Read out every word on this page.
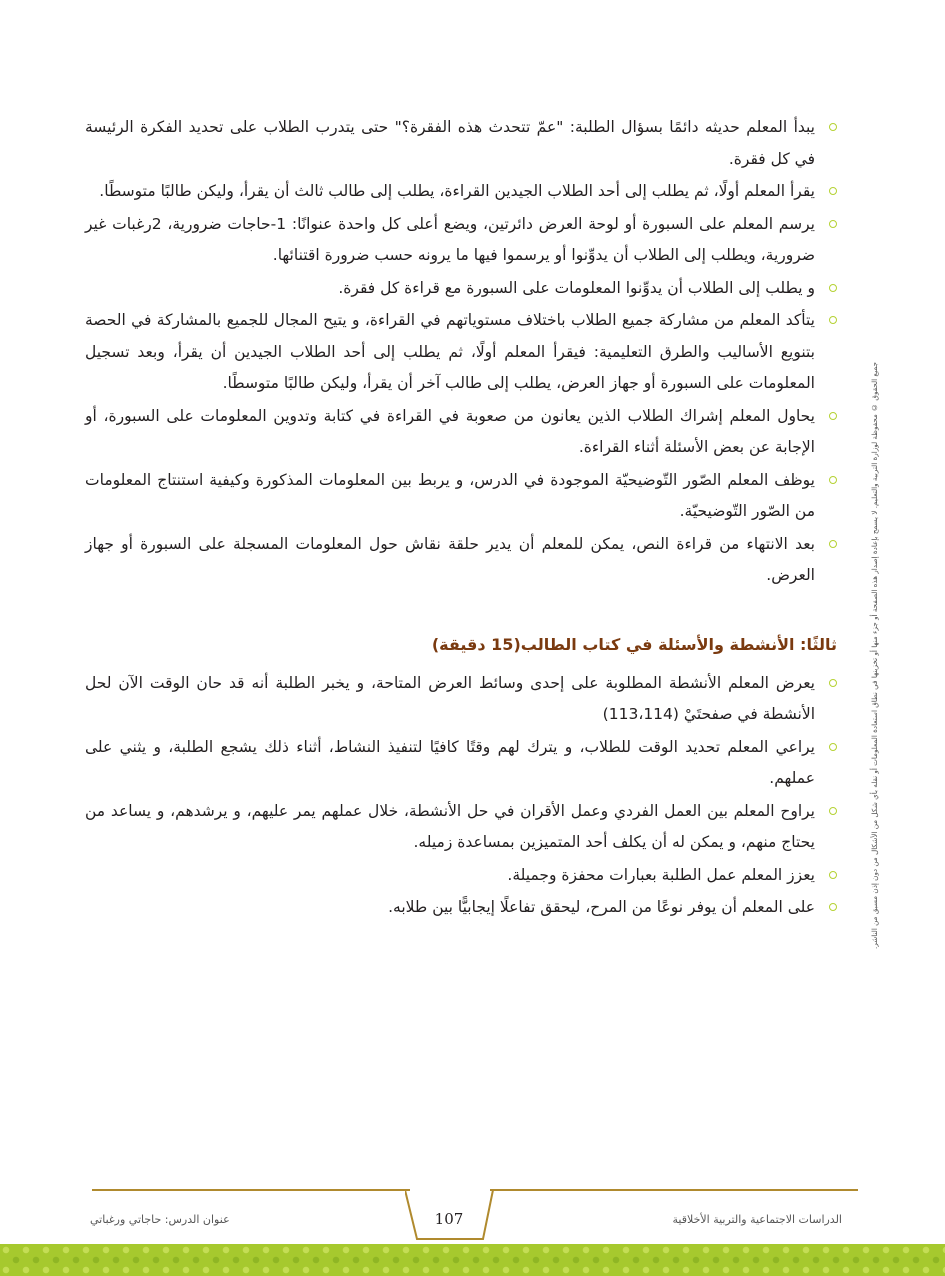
يبدأ المعلم حديثه دائمًا بسؤال الطلبة: "عمّ تتحدث هذه الفقرة؟" حتى يتدرب الطلاب على تحديد الفكرة الرئيسة في كل فقرة.
يقرأ المعلم أولًا، ثم يطلب إلى أحد الطلاب الجيدين القراءة، يطلب إلى طالب ثالث أن يقرأ، وليكن طالبًا متوسطًا.
يرسم المعلم على السبورة أو لوحة العرض دائرتين، ويضع أعلى كل واحدة عنوانًا: 1-حاجات ضرورية، 2رغبات غير ضرورية، ويطلب إلى الطلاب أن يدوِّنوا أو يرسموا فيها ما يرونه حسب ضرورة اقتنائها.
و يطلب إلى الطلاب أن يدوِّنوا المعلومات على السبورة مع قراءة كل فقرة.
يتأكد المعلم من مشاركة جميع الطلاب باختلاف مستوياتهم في القراءة، و يتيح المجال للجميع بالمشاركة في الحصة بتنويع الأساليب والطرق التعليمية: فيقرأ المعلم أولًا، ثم يطلب إلى أحد الطلاب الجيدين أن يقرأ، وبعد تسجيل المعلومات على السبورة أو جهاز العرض، يطلب إلى طالب آخر أن يقرأ، وليكن طالبًا متوسطًا.
يحاول المعلم إشراك الطلاب الذين يعانون من صعوبة في القراءة في كتابة وتدوين المعلومات على السبورة، أو الإجابة عن بعض الأسئلة أثناء القراءة.
يوظف المعلم الصّور التّوضيحيّة الموجودة في الدرس، و يربط بين المعلومات المذكورة وكيفية استنتاج المعلومات من الصّور التّوضيحيّة.
بعد الانتهاء من قراءة النص، يمكن للمعلم أن يدير حلقة نقاش حول المعلومات المسجلة على السبورة أو جهاز العرض.
ثالثًا: الأنشطة والأسئلة في كتاب الطالب(15 دقيقة)
يعرض المعلم الأنشطة المطلوبة على إحدى وسائط العرض المتاحة، و يخبر الطلبة أنه قد حان الوقت الآن لحل الأنشطة في صفحتَيْ (113،114)
يراعي المعلم تحديد الوقت للطلاب، و يترك لهم وقتًا كافيًا لتنفيذ النشاط، أثناء ذلك يشجع الطلبة، و يثني على عملهم.
يراوح المعلم بين العمل الفردي وعمل الأقران في حل الأنشطة، خلال عملهم يمر عليهم، و يرشدهم، و يساعد من يحتاج منهم، و يمكن له أن يكلف أحد المتميزين بمساعدة زميله.
يعزز المعلم عمل الطلبة بعبارات محفزة وجميلة.
على المعلم أن يوفر نوعًا من المرح، ليحقق تفاعلًا إيجابيًّا بين طلابه.	جميع الحقوق © محفوظة لوزارة التربية والتعليم. لا يسمح بإعادة إصدار هذه الصفحة أو جزء منها أو تخزينها في نطاق استعادة المعلومات أو نقله بأي شكل من الأشكال من دون إذن مسبق من الناشر.
107	الدراسات الاجتماعية والتربية الأخلاقية
عنوان الدرس: حاجاتي ورغباتي
